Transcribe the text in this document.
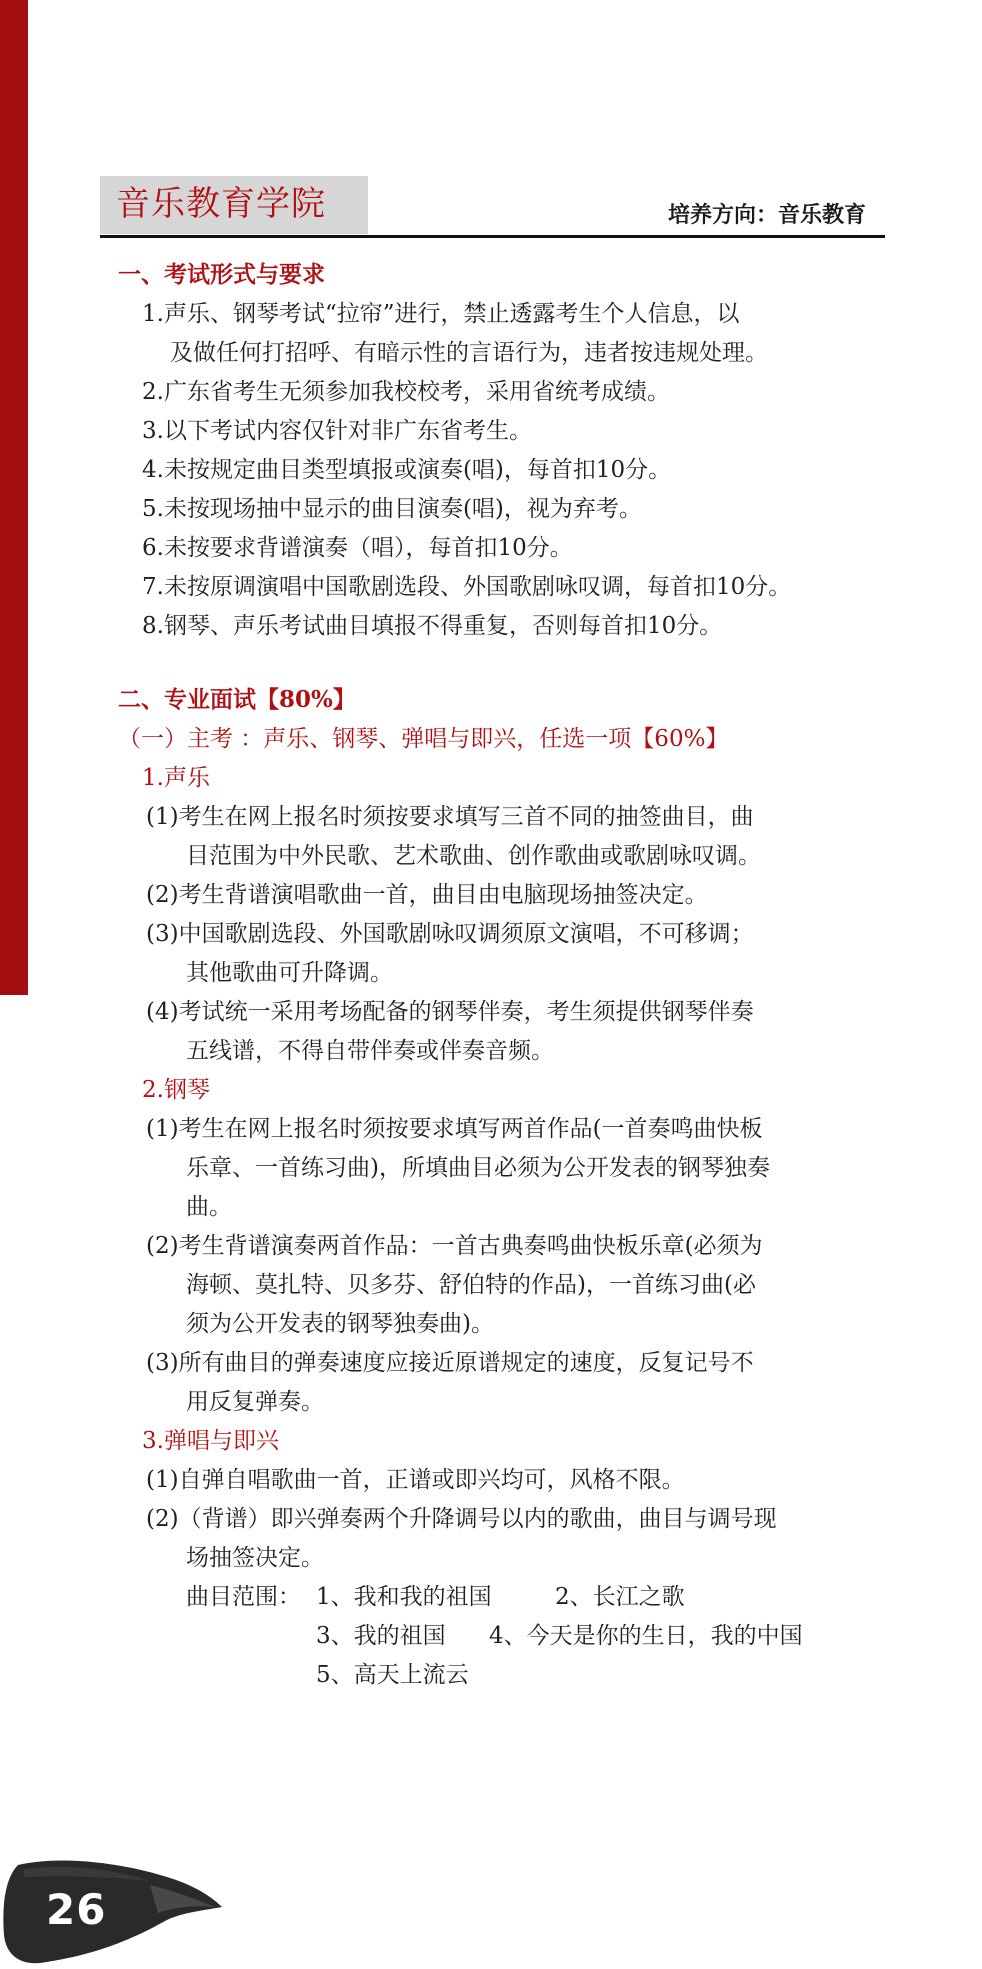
音乐教育学院	培养方向：音乐教育
一、考试形式与要求
1.声乐、钢琴考试“拉帘”进行，禁止透露考生个人信息，以
及做任何打招呼、有暗示性的言语行为，违者按违规处理。
2.广东省考生无须参加我校校考，采用省统考成绩。
3.以下考试内容仅针对非广东省考生。
4.未按规定曲目类型填报或演奏(唱)，每首扣10分。
5.未按现场抽中显示的曲目演奏(唱)，视为弃考。
6.未按要求背谱演奏（唱），每首扣10分。
7.未按原调演唱中国歌剧选段、外国歌剧咏叹调，每首扣10分。
8.钢琴、声乐考试曲目填报不得重复，否则每首扣10分。
二、专业面试【80%】
（一）主考 ：声乐、钢琴、弹唱与即兴，任选一项【60%】
1.声乐
(1)考生在网上报名时须按要求填写三首不同的抽签曲目，曲
目范围为中外民歌、艺术歌曲、创作歌曲或歌剧咏叹调。
(2)考生背谱演唱歌曲一首，曲目由电脑现场抽签决定。
(3)中国歌剧选段、外国歌剧咏叹调须原文演唱，不可移调；
其他歌曲可升降调。
(4)考试统一采用考场配备的钢琴伴奏，考生须提供钢琴伴奏
五线谱，不得自带伴奏或伴奏音频。
2.钢琴
(1)考生在网上报名时须按要求填写两首作品(一首奏鸣曲快板
乐章、一首练习曲)，所填曲目必须为公开发表的钢琴独奏
曲。
(2)考生背谱演奏两首作品：一首古典奏鸣曲快板乐章(必须为
海顿、莫扎特、贝多芬、舒伯特的作品)，一首练习曲(必
须为公开发表的钢琴独奏曲)。
(3)所有曲目的弹奏速度应接近原谱规定的速度，反复记号不
用反复弹奏。
3.弹唱与即兴
(1)自弹自唱歌曲一首，正谱或即兴均可，风格不限。
(2)（背谱）即兴弹奏两个升降调号以内的歌曲，曲目与调号现
场抽签决定。
曲目范围： 1、我和我的祖国	2、长江之歌
3、我的祖国 4、今天是你的生日，我的中国
5、高天上流云
26
